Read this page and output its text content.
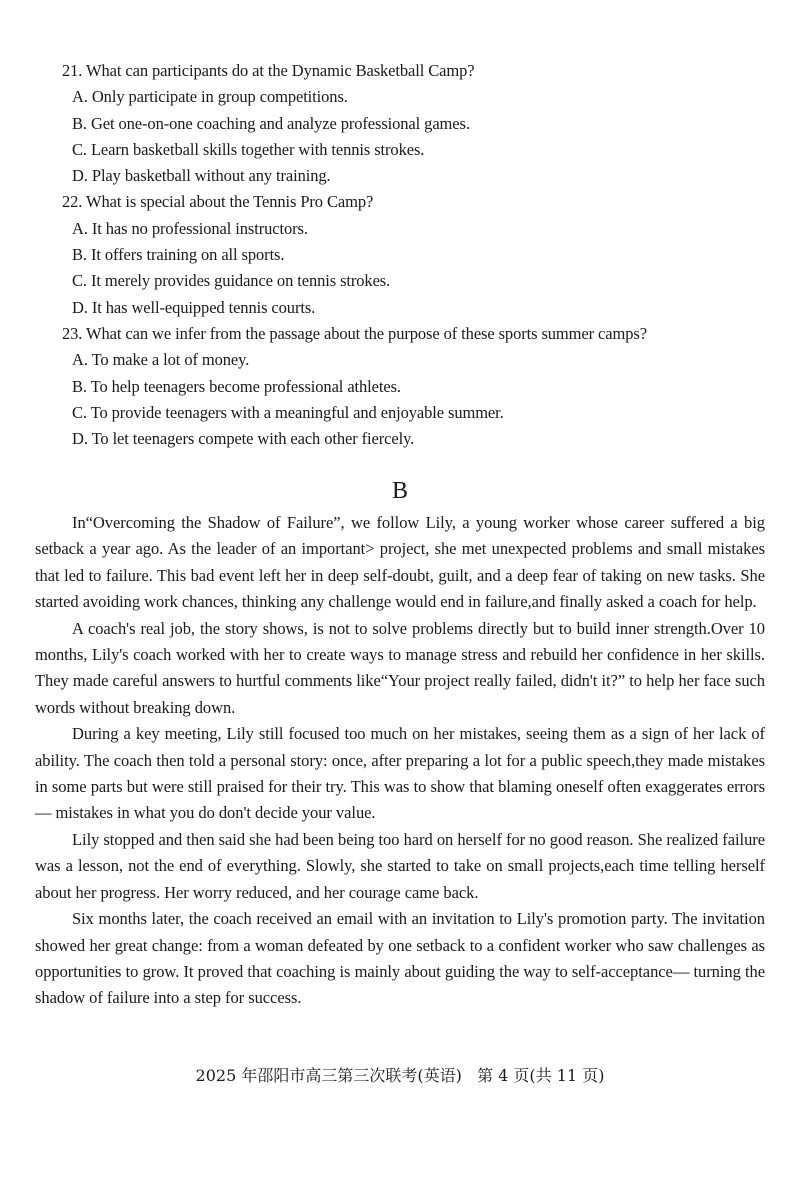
21. What can participants do at the Dynamic Basketball Camp?
A. Only participate in group competitions.
B. Get one-on-one coaching and analyze professional games.
C. Learn basketball skills together with tennis strokes.
D. Play basketball without any training.
22. What is special about the Tennis Pro Camp?
A. It has no professional instructors.
B. It offers training on all sports.
C. It merely provides guidance on tennis strokes.
D. It has well-equipped tennis courts.
23. What can we infer from the passage about the purpose of these sports summer camps?
A. To make a lot of money.
B. To help teenagers become professional athletes.
C. To provide teenagers with a meaningful and enjoyable summer.
D. To let teenagers compete with each other fiercely.
B

In“Overcoming the Shadow of Failure”, we follow Lily, a young worker whose career suffered a big setback a year ago. As the leader of an important> project, she met unexpected problems and small mistakes that led to failure. This bad event left her in deep self-doubt, guilt, and a deep fear of taking on new tasks. She started avoiding work chances, thinking any challenge would end in failure,and finally asked a coach for help.

A coach's real job, the story shows, is not to solve problems directly but to build inner strength.Over 10 months, Lily's coach worked with her to create ways to manage stress and rebuild her confidence in her skills. They made careful answers to hurtful comments like“Your project really failed, didn't it?” to help her face such words without breaking down.

During a key meeting, Lily still focused too much on her mistakes, seeing them as a sign of her lack of ability. The coach then told a personal story: once, after preparing a lot for a public speech,they made mistakes in some parts but were still praised for their try. This was to show that blaming oneself often exaggerates errors— mistakes in what you do don't decide your value.

Lily stopped and then said she had been being too hard on herself for no good reason. She realized failure was a lesson, not the end of everything. Slowly, she started to take on small projects,each time telling herself about her progress. Her worry reduced, and her courage came back.

Six months later, the coach received an email with an invitation to Lily's promotion party. The invitation showed her great change: from a woman defeated by one setback to a confident worker who saw challenges as opportunities to grow. It proved that coaching is mainly about guiding the way to self-acceptance— turning the shadow of failure into a step for success.

2025 年邵阳市高三第三次联考(英语)   第 4 页(共 11 页)
